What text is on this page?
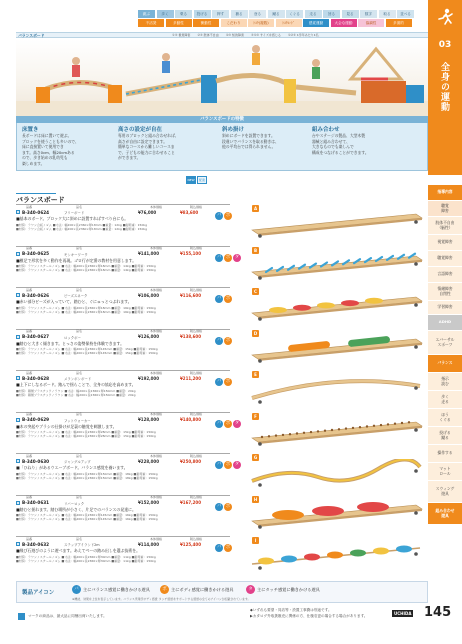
跳ぶ	歩く	乗る	投げる	押す	捕る	登る	蹴る	くぐる	走る	回る	見る	数字	取る	並べる
不活発	多動性	衝動性	こだわり	ﾄｺｸ(複数)	ﾄｺｸｺｰﾄﾞ	感覚運動	大会な運動	協調性	多面的
バランスボード	①④ 視覚障害 ②④ 肢体不自由 ②③ 知的障害 ④①④ サイズを感じる ①②④ 1学年あたり1名
03
全身の運動
指導内容
聴覚
障害
肢体不自由
（脳性）
視覚障害
聴覚障害
言語障害
情緒障害
自閉性
学習障害
ADHD
エバーサル
スポーツ
バランス
指示
読む
歩く
走る
ほう
くぐる
投げる
蹴る
操作する
マット
ロール
スウィング
遊具
組み合わせ
遊具
バランスボードの特徴
床置き
長ボードは床に置いて遊ぶ。
ブロックを使うことも多いので、
床に直接置いて使用でき
ます。高さ0cm、幅20cmある
ので、歩き始めの乳幼児も
楽しめます。
高さの設定が自在
専用のブロックと組み合わせれば、
高さが自由に設定できます。
簡単なコースから難しいコースま
で、子どもの能力に合わせること
ができます。
斜め掛け
斜めにボードを設置できます。
段違いでバランスを取る動きは、
他の平均台では得られません。
組み合わせ
台やステージの製品、大型木製
器械と組み合わせて、
大きなものでも楽しんで
構成をつなげることができます。
NEW	配達
バランスボード
品番	品名	本体価格	税込価格
B-340-0624	フリーボード	¥76,000	¥83,600
■基本のボード。ブロック大に斜めに設置すればすべり台にも。
■材質：ラワン合板 / ゴム ■寸法：幅200×長2360×厚18mm ■重量：12kg ■耐荷重：150kg
■材質：ラワン合板 / ゴム ■寸法：幅200×長2360×厚18mm ■重量：12kg ■耐荷重：150kg
バ	ボ
A
品番	品名	本体価格	税込価格
B-340-0625	モンキーワーク	¥141,000	¥155,100
■模足で形状を多く動作を再現。ゴロ行が定番の教材を用意します。
■材質：ラワン / スチール / ゴム ■寸法：幅200×長2360×厚18mm ■重量：14kg ■耐荷重：150kg
■材質：ラワン / スチール / ゴム ■寸法：幅200×長2360×厚18mm ■重量：14kg ■耐荷重：150kg
バ	ボ	タ
B
品番	品名	本体価格	税込価格
B-340-0626	ビーズスネーク	¥106,000	¥116,600
■赤い部分ビーズが入っていて、踏むと、ぐにゅっとつぶれます。
■材質：ラワン / スチール / ゴム ■寸法：幅200×長2360×厚18mm ■重量：16kg ■耐荷重：150kg
■材質：ラワン / スチール / ゴム ■寸法：幅200×長2360×厚18mm ■重量：16kg ■耐荷重：150kg
バ	ボ
C
品番	品名	本体価格	税込価格
B-340-0627	ロックボー	¥126,000	¥138,600
■踏むと大きく傾きます。とっさの姿勢保持を体験できます。
■材質：ラワン / スチール / ゴム ■寸法：幅200×長2360×厚145mm ■重量：15kg ■耐荷重：150kg
■材質：ラワン / スチール / ゴム ■寸法：幅200×長2360×厚145mm ■重量：15kg ■耐荷重：150kg
バ	ボ
D
品番	品名	本体価格	税込価格
B-340-0628	メランボンボード	¥192,000	¥211,200
■上下にしなるボード。踏んで揺らことで、全身の協応を高めます。
■材質：積層プラスチック / ラワン ■寸法：幅200×長2360×厚150mm ■重量：20kg
■材質：積層プラスチック / ラワン ■寸法：幅200×長2360×厚150mm ■重量：20kg
バ	ボ
E
品番	品名	本体価格	税込価格
B-340-0629	フットウォーカー	¥128,000	¥140,800
■木の突起やブラシの仕掛けが足裏の触覚を刺激します。
■材質：ラワン / スチール / ゴム ■寸法：幅200×長2360×厚28mm ■重量：15kg ■耐荷重：150kg
■材質：ラワン / スチール / ゴム ■寸法：幅200×長2360×厚28mm ■重量：15kg ■耐荷重：150kg
バ	ボ	タ
F
品番	品名	本体価格	税込価格
B-340-0630	ジャングルアップ	¥228,000	¥250,800
■「ひねり」があるウエーブボード。バランス感覚を養います。
■材質：ラワン / スチール / ゴム ■寸法：幅200×長2360×厚150mm ■重量：18kg ■耐荷重：150kg
■材質：ラワン / スチール / ゴム ■寸法：幅200×長2360×厚150mm ■重量：18kg ■耐荷重：150kg
バ	ボ	タ
G
品番	品名	本体価格	税込価格
B-340-0631	リバーロック	¥152,000	¥167,200
■踏むと揺れます。踏む場所が小さく、片足でのバランスの発達に。
■材質：ラワン / スチール / ゴム ■寸法：幅200×長2360×厚145mm ■重量：16kg ■耐荷重：150kg
■材質：ラワン / スチール / ゴム ■寸法：幅200×長2360×厚145mm ■重量：16kg ■耐荷重：150kg
バ	ボ
H
品番	品名	本体価格	税込価格
B-340-0632	ステップアイランド2m	¥114,000	¥125,400
■飛び石遊びのように遊べます。あえてペーの踏み出しを選ぶ技術を。
■材質：ラワン / スチール / ゴム ■寸法：幅200×長2360×厚30mm ■重量：11kg ■耐荷重：150kg
■材質：ラワン / スチール / ゴム ■寸法：幅200×長2360×厚30mm ■重量：11kg ■耐荷重：150kg
バ	ボ
I
製品アイコン
バ	主にバランス感覚に働きかける遊具	ボ	主にボディ感覚に働きかける遊具	タ	主にタッチ感覚に働きかける遊具
※機能、効果を上位を表示しています。バランス実業学ボディ感覚 タッチ感覚をサポートする感覚の全てのアイコンが記載されています。
マークの商品は、最大品に同梱出荷いたします。
◆いずれも要望・同店等・設置工事費は別途です。
▶カタログ外取扱販売に関係の方、仕様変更の場合する場合があります。	UCHIDA 145
